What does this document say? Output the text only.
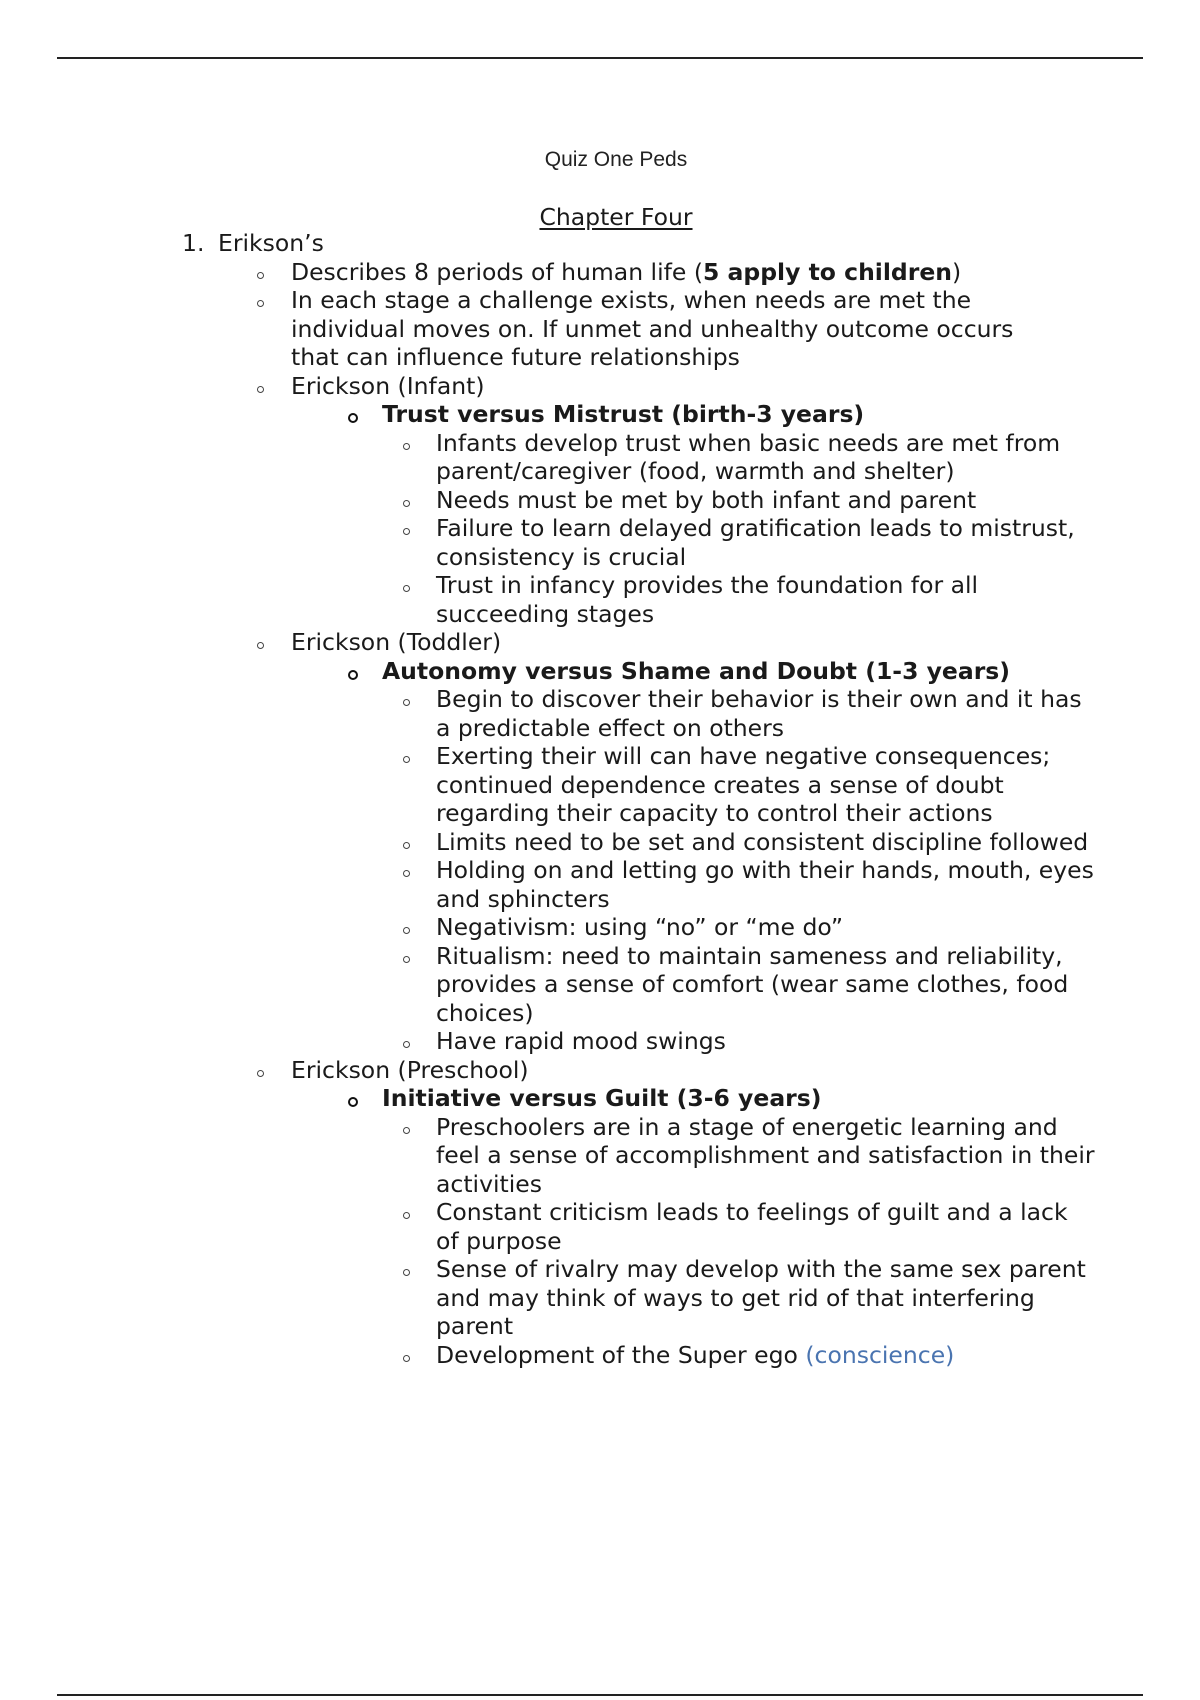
Quiz One Peds
Chapter Four
1. Erikson’s
Describes 8 periods of human life (5 apply to children)
In each stage a challenge exists, when needs are met the individual moves on. If unmet and unhealthy outcome occurs that can influence future relationships
Erickson (Infant)
Trust versus Mistrust (birth-3 years)
Infants develop trust when basic needs are met from parent/caregiver (food, warmth and shelter)
Needs must be met by both infant and parent
Failure to learn delayed gratification leads to mistrust, consistency is crucial
Trust in infancy provides the foundation for all succeeding stages
Erickson (Toddler)
Autonomy versus Shame and Doubt (1-3 years)
Begin to discover their behavior is their own and it has a predictable effect on others
Exerting their will can have negative consequences; continued dependence creates a sense of doubt regarding their capacity to control their actions
Limits need to be set and consistent discipline followed
Holding on and letting go with their hands, mouth, eyes and sphincters
Negativism: using “no” or “me do”
Ritualism: need to maintain sameness and reliability, provides a sense of comfort (wear same clothes, food choices)
Have rapid mood swings
Erickson (Preschool)
Initiative versus Guilt (3-6 years)
Preschoolers are in a stage of energetic learning and feel a sense of accomplishment and satisfaction in their activities
Constant criticism leads to feelings of guilt and a lack of purpose
Sense of rivalry may develop with the same sex parent and may think of ways to get rid of that interfering parent
Development of the Super ego (conscience)
